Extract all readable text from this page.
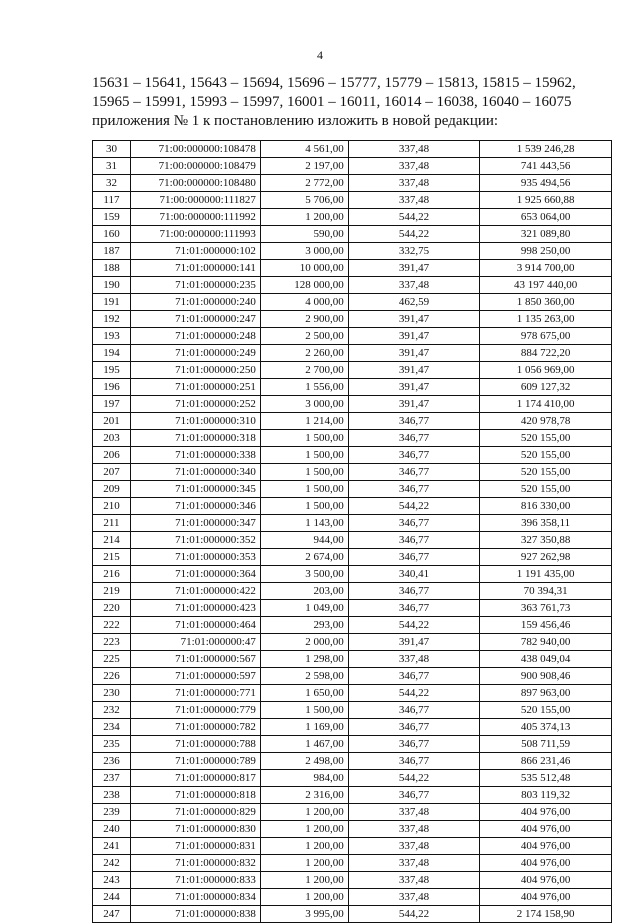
4
15631 – 15641, 15643 – 15694, 15696 – 15777, 15779 – 15813, 15815 – 15962,
15965 – 15991, 15993 – 15997, 16001 – 16011, 16014 – 16038, 16040 – 16075
приложения № 1 к постановлению изложить в новой редакции:
30	71:00:000000:108478	4 561,00	337,48	1 539 246,28
31	71:00:000000:108479	2 197,00	337,48	741 443,56
32	71:00:000000:108480	2 772,00	337,48	935 494,56
117	71:00:000000:111827	5 706,00	337,48	1 925 660,88
159	71:00:000000:111992	1 200,00	544,22	653 064,00
160	71:00:000000:111993	590,00	544,22	321 089,80
187	71:01:000000:102	3 000,00	332,75	998 250,00
188	71:01:000000:141	10 000,00	391,47	3 914 700,00
190	71:01:000000:235	128 000,00	337,48	43 197 440,00
191	71:01:000000:240	4 000,00	462,59	1 850 360,00
192	71:01:000000:247	2 900,00	391,47	1 135 263,00
193	71:01:000000:248	2 500,00	391,47	978 675,00
194	71:01:000000:249	2 260,00	391,47	884 722,20
195	71:01:000000:250	2 700,00	391,47	1 056 969,00
196	71:01:000000:251	1 556,00	391,47	609 127,32
197	71:01:000000:252	3 000,00	391,47	1 174 410,00
201	71:01:000000:310	1 214,00	346,77	420 978,78
203	71:01:000000:318	1 500,00	346,77	520 155,00
206	71:01:000000:338	1 500,00	346,77	520 155,00
207	71:01:000000:340	1 500,00	346,77	520 155,00
209	71:01:000000:345	1 500,00	346,77	520 155,00
210	71:01:000000:346	1 500,00	544,22	816 330,00
211	71:01:000000:347	1 143,00	346,77	396 358,11
214	71:01:000000:352	944,00	346,77	327 350,88
215	71:01:000000:353	2 674,00	346,77	927 262,98
216	71:01:000000:364	3 500,00	340,41	1 191 435,00
219	71:01:000000:422	203,00	346,77	70 394,31
220	71:01:000000:423	1 049,00	346,77	363 761,73
222	71:01:000000:464	293,00	544,22	159 456,46
223	71:01:000000:47	2 000,00	391,47	782 940,00
225	71:01:000000:567	1 298,00	337,48	438 049,04
226	71:01:000000:597	2 598,00	346,77	900 908,46
230	71:01:000000:771	1 650,00	544,22	897 963,00
232	71:01:000000:779	1 500,00	346,77	520 155,00
234	71:01:000000:782	1 169,00	346,77	405 374,13
235	71:01:000000:788	1 467,00	346,77	508 711,59
236	71:01:000000:789	2 498,00	346,77	866 231,46
237	71:01:000000:817	984,00	544,22	535 512,48
238	71:01:000000:818	2 316,00	346,77	803 119,32
239	71:01:000000:829	1 200,00	337,48	404 976,00
240	71:01:000000:830	1 200,00	337,48	404 976,00
241	71:01:000000:831	1 200,00	337,48	404 976,00
242	71:01:000000:832	1 200,00	337,48	404 976,00
243	71:01:000000:833	1 200,00	337,48	404 976,00
244	71:01:000000:834	1 200,00	337,48	404 976,00
247	71:01:000000:838	3 995,00	544,22	2 174 158,90
